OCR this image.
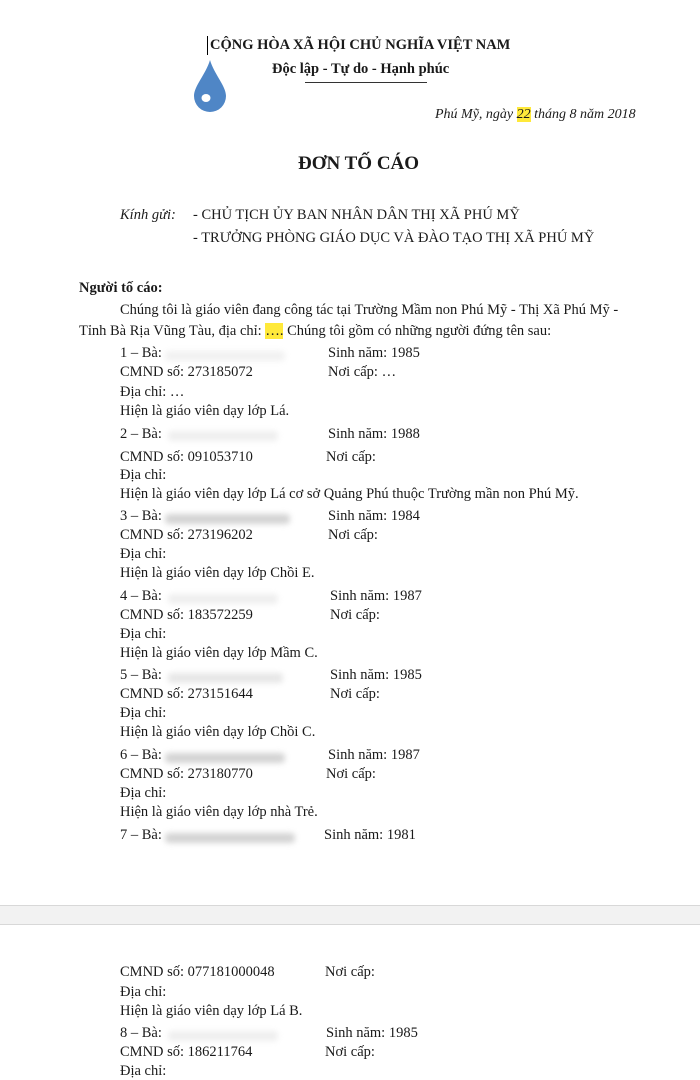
CỘNG HÒA XÃ HỘI CHỦ NGHĨA VIỆT NAM
Độc lập - Tự do - Hạnh phúc
Phú Mỹ, ngày 22 tháng 8 năm 2018
ĐƠN TỐ CÁO
Kính gửi: - CHỦ TỊCH ỦY BAN NHÂN DÂN THỊ XÃ PHÚ MỸ
- TRƯỞNG PHÒNG GIÁO DỤC VÀ ĐÀO TẠO THỊ XÃ PHÚ MỸ
Người tố cáo:
Chúng tôi là giáo viên đang công tác tại Trường Mầm non Phú Mỹ - Thị Xã Phú Mỹ -
Tỉnh Bà Rịa Vũng Tàu, địa chỉ: …. Chúng tôi gồm có những người đứng tên sau:
1 – Bà:	Sinh năm: 1985
CMND số: 273185072	Nơi cấp: …
Địa chỉ: …
Hiện là giáo viên dạy lớp Lá.
2 – Bà:	Sinh năm: 1988
CMND số: 091053710	Nơi cấp:
Địa chỉ:
Hiện là giáo viên dạy lớp Lá cơ sở Quảng Phú thuộc Trường mần non Phú Mỹ.
3 – Bà:	Sinh năm: 1984
CMND số: 273196202	Nơi cấp:
Địa chỉ:
Hiện là giáo viên dạy lớp Chồi E.
4 – Bà:	Sinh năm: 1987
CMND số: 183572259	Nơi cấp:
Địa chỉ:
Hiện là giáo viên dạy lớp Mầm C.
5 – Bà:	Sinh năm: 1985
CMND số: 273151644	Nơi cấp:
Địa chỉ:
Hiện là giáo viên dạy lớp Chồi C.
6 – Bà:	Sinh năm: 1987
CMND số: 273180770	Nơi cấp:
Địa chỉ:
Hiện là giáo viên dạy lớp nhà Trẻ.
7 – Bà:	Sinh năm: 1981
CMND số: 077181000048	Nơi cấp:
Địa chỉ:
Hiện là giáo viên dạy lớp Lá B.
8 – Bà:	Sinh năm: 1985
CMND số: 186211764	Nơi cấp:
Địa chỉ:
